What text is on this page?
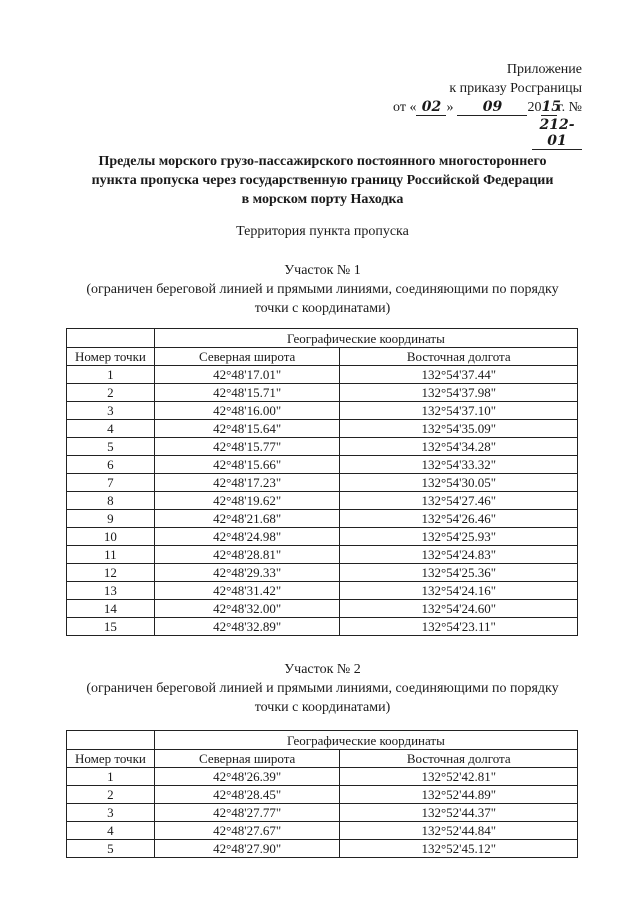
Приложение
к приказу Росграницы
от « 02 » 09 2015г. № 212-01
Пределы морского грузо-пассажирского постоянного многостороннего
пункта пропуска через государственную границу Российской Федерации
в морском порту Находка
Территория пункта пропуска
Участок № 1
(ограничен береговой линией и прямыми линиями, соединяющими по порядку
точки с координатами)
	Географические координаты	
Номер точки	Северная широта	Восточная долгота
1	42°48'17.01"	132°54'37.44"
2	42°48'15.71"	132°54'37.98"
3	42°48'16.00"	132°54'37.10"
4	42°48'15.64"	132°54'35.09"
5	42°48'15.77"	132°54'34.28"
6	42°48'15.66"	132°54'33.32"
7	42°48'17.23"	132°54'30.05"
8	42°48'19.62"	132°54'27.46"
9	42°48'21.68"	132°54'26.46"
10	42°48'24.98"	132°54'25.93"
11	42°48'28.81"	132°54'24.83"
12	42°48'29.33"	132°54'25.36"
13	42°48'31.42"	132°54'24.16"
14	42°48'32.00"	132°54'24.60"
15	42°48'32.89"	132°54'23.11"
Участок № 2
(ограничен береговой линией и прямыми линиями, соединяющими по порядку
точки с координатами)
	Географические координаты	
Номер точки	Северная широта	Восточная долгота
1	42°48'26.39"	132°52'42.81"
2	42°48'28.45"	132°52'44.89"
3	42°48'27.77"	132°52'44.37"
4	42°48'27.67"	132°52'44.84"
5	42°48'27.90"	132°52'45.12"
